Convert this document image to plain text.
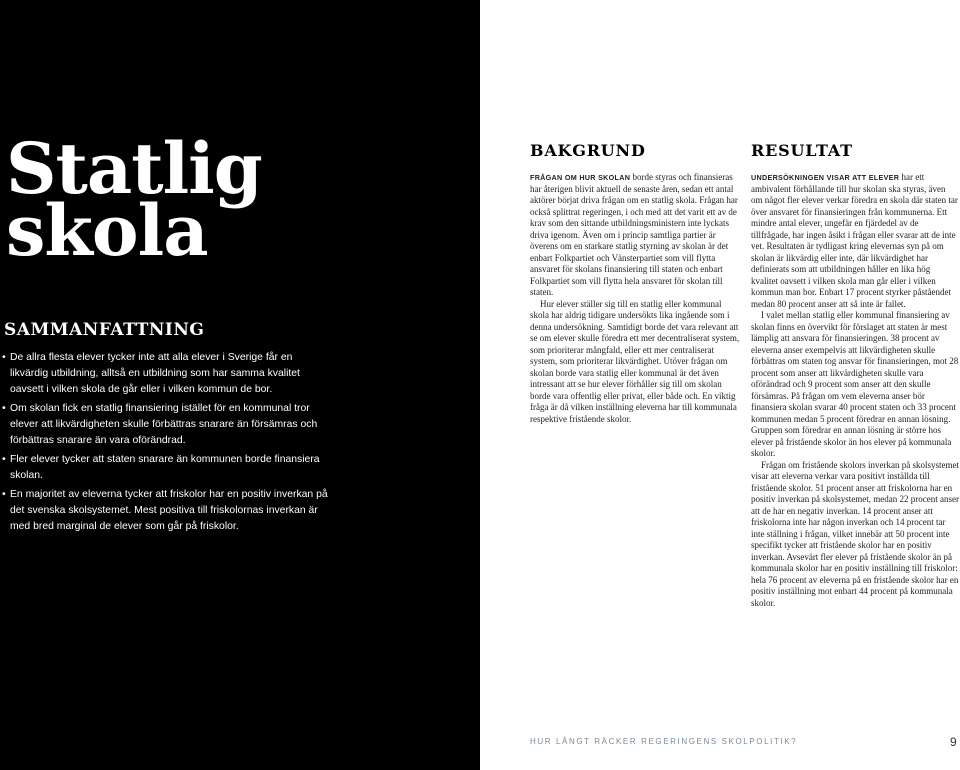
Statlig
skola
SAMMANFATTNING
• De allra flesta elever tycker inte att alla elever i Sverige får en likvärdig utbildning, alltså en utbildning som har samma kvalitet oavsett i vilken skola de går eller i vilken kommun de bor.
• Om skolan fick en statlig finansiering istället för en kommunal tror elever att likvärdigheten skulle förbättras snarare än försämras och förbättras snarare än vara oförändrad.
• Fler elever tycker att staten snarare än kommunen borde finansiera skolan.
• En majoritet av eleverna tycker att friskolor har en positiv inverkan på det svenska skolsystemet. Mest positiva till friskolornas inverkan är med bred marginal de elever som går på friskolor.
BAKGRUND

FRÅGAN OM HUR SKOLAN borde styras och finansieras har återigen blivit aktuell de senaste åren, sedan ett antal aktörer börjat driva frågan om en statlig skola. Frågan har också splittrat regeringen, i och med att det varit ett av de krav som den sittande utbildningsministern inte lyckats driva igenom. Även om i princip samtliga partier är överens om en starkare statlig styrning av skolan är det enbart Folkpartiet och Vänsterpartiet som vill flytta ansvaret för skolans finansiering till staten och enbart Folkpartiet som vill flytta hela ansvaret för skolan till staten.

Hur elever ställer sig till en statlig eller kommunal skola har aldrig tidigare undersökts lika ingående som i denna undersökning. Samtidigt borde det vara relevant att se om elever skulle föredra ett mer decentraliserat system, som prioriterar mångfald, eller ett mer centraliserat system, som prioriterar likvärdighet. Utöver frågan om skolan borde vara statlig eller kommunal är det även intressant att se hur elever förhåller sig till om skolan borde vara offentlig eller privat, eller både och. En viktig fråga är då vilken inställning eleverna har till kommunala respektive fristående skolor.

RESULTAT

UNDERSÖKNINGEN VISAR ATT ELEVER har ett ambivalent förhållande till hur skolan ska styras, även om något fler elever verkar föredra en skola där staten tar över ansvaret för finansieringen från kommunerna. Ett mindre antal elever, ungefär en fjärdedel av de tillfrågade, har ingen åsikt i frågan eller svarar att de inte vet. Resultaten är tydligast kring elevernas syn på om skolan är likvärdig eller inte, där likvärdighet har definierats som att utbildningen håller en lika hög kvalitet oavsett i vilken skola man går eller i vilken kommun man bor. Enbart 17 procent styrker påståendet medan 80 procent anser att så inte är fallet.

I valet mellan statlig eller kommunal finansiering av skolan finns en övervikt för förslaget att staten är mest lämplig att ansvara för finansieringen. 38 procent av eleverna anser exempelvis att likvärdigheten skulle förbättras om staten tog ansvar för finansieringen, mot 28 procent som anser att likvärdigheten skulle vara oförändrad och 9 procent som anser att den skulle försämras. På frågan om vem eleverna anser bör finansiera skolan svarar 40 procent staten och 33 procent kommunen medan 5 procent föredrar en annan lösning. Gruppen som föredrar en annan lösning är större hos elever på fristående skolor än hos elever på kommunala skolor.

Frågan om fristående skolors inverkan på skolsystemet visar att eleverna verkar vara positivt inställda till fristående skolor. 51 procent anser att friskolorna har en positiv inverkan på skolsystemet, medan 22 procent anser att de har en negativ inverkan. 14 procent anser att friskolorna inte har någon inverkan och 14 procent tar inte ställning i frågan, vilket innebär att 50 procent inte specifikt tycker att fristående skolor har en positiv inverkan. Avsevärt fler elever på fristående skolor än på kommunala skolor har en positiv inställning till friskolor: hela 76 procent av eleverna på en fristående skolor har en positiv inställning mot enbart 44 procent på kommunala skolor.

HUR LÅNGT RÄCKER REGERINGENS SKOLPOLITIK?	9
